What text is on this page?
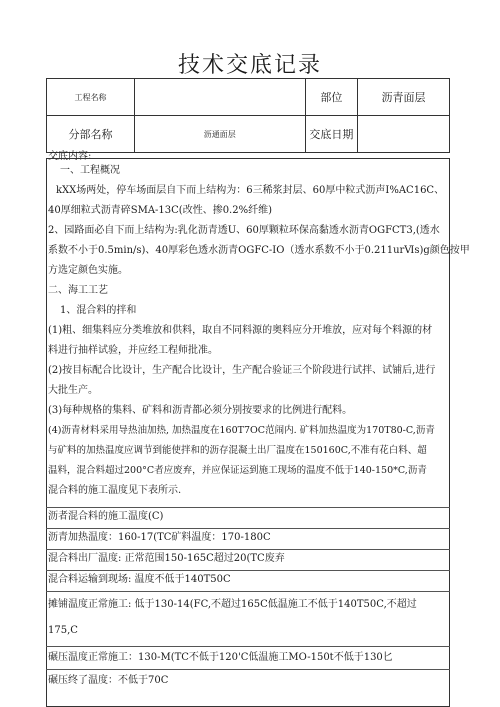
技术交底记录
工程名称		部位	沥青面层
分部名称	沥通面层	交底日期	
交底内容:
一、工程概况
kXX场两处，停车场面层自下而上结构为：6三稀浆封层、60厚中粒式沥声I%AC16C、
40厚细粒式沥青碎SMA-13C(改性、掺0.2%纤维)
2、园路面必自下而上结构为:乳化沥青透U、60厚颗粒环保高黏透水沥青OGFCT3,(透水
系数不小于0.5min/s)、40厚彩色透水沥青OGFC-IO（透水系数不小于0.211urⅥs)g颜色按甲
方选定颜色实施。
二、海工工艺
1、混合料的拌和
(1)粗、细集料应分类堆放和供料，取自不同料源的奥料应分开堆放，应对每个料源的材
料进行抽样试验，并应经工程师批准。
(2)按目标配合比设计，生产配合比设计，生产配合验证三个阶段进行试拌、试铺后,进行
大批生产。
(3)每种规格的集料、矿料和沥青都必须分别按要求的比例进行配料。
(4)沥青材料采用导热油加热, 加热温度在160T7OC范闹内. 矿料加热温度为170T80-C,沥青
与矿料的加热温度应调节到能使拌和的沥存混凝土出厂温度在150160C,不准有花白料、超
温料，混合料超过200°C者应废弃，并应保证运到施工现场的温度不低于140-150*C,沥青
混合料的施工温度见下表所示.
沥者混合料的施工温度(C)
沥青加热温度：160-17(TC矿料温度：170-180C
混合料出厂温度: 正常范围150-165C超过20(TC废弃
混合料运输到现场: 温度不低于140T50C
摊铺温度正常施工: 低于130-14(FC,不超过165C低温施工不低于140T50C,不超过
175,C
碾压温度正常施工：130-M(TC不低于120'C低温施工MO-150t不低于130匕
碾压终了温度：不低于70C
